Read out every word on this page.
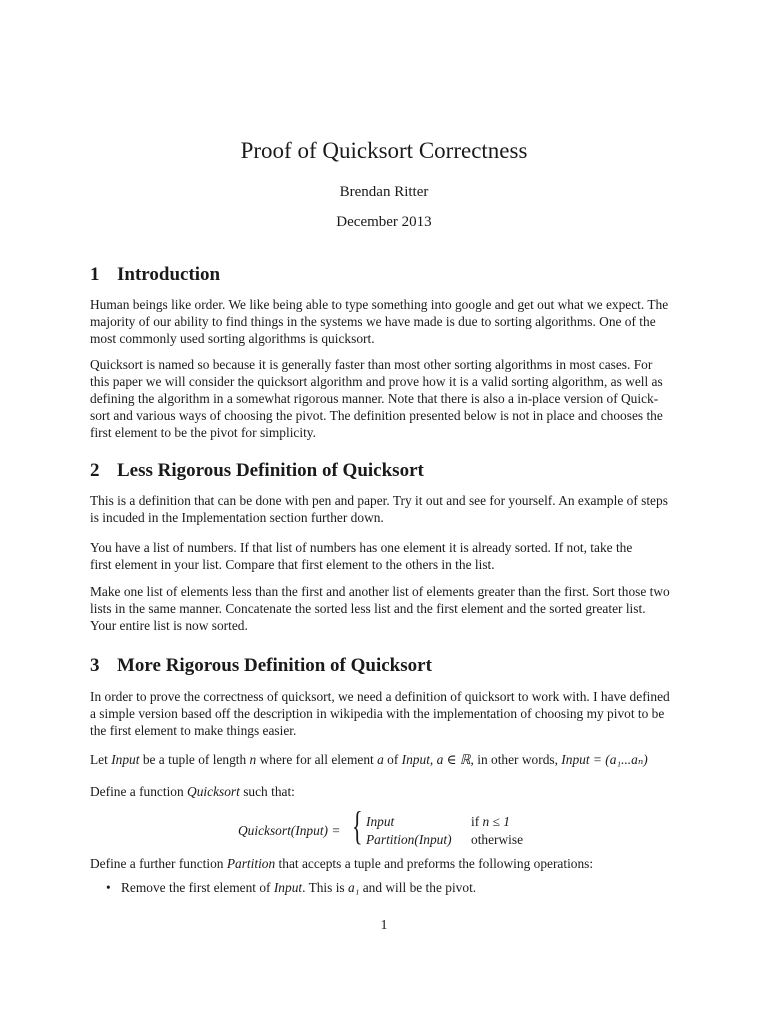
Proof of Quicksort Correctness
Brendan Ritter
December 2013
1 Introduction
Human beings like order. We like being able to type something into google and get out what we expect. The
majority of our ability to find things in the systems we have made is due to sorting algorithms. One of the
most commonly used sorting algorithms is quicksort.
Quicksort is named so because it is generally faster than most other sorting algorithms in most cases. For
this paper we will consider the quicksort algorithm and prove how it is a valid sorting algorithm, as well as
defining the algorithm in a somewhat rigorous manner. Note that there is also a in-place version of Quick-
sort and various ways of choosing the pivot. The definition presented below is not in place and chooses the
first element to be the pivot for simplicity.
2 Less Rigorous Definition of Quicksort
This is a definition that can be done with pen and paper. Try it out and see for yourself. An example of steps
is incuded in the Implementation section further down.
You have a list of numbers. If that list of numbers has one element it is already sorted. If not, take the
first element in your list. Compare that first element to the others in the list.
Make one list of elements less than the first and another list of elements greater than the first. Sort those two
lists in the same manner. Concatenate the sorted less list and the first element and the sorted greater list.
Your entire list is now sorted.
3 More Rigorous Definition of Quicksort
In order to prove the correctness of quicksort, we need a definition of quicksort to work with. I have defined
a simple version based off the description in wikipedia with the implementation of choosing my pivot to be
the first element to make things easier.
Let Input be a tuple of length n where for all element a of Input, a ∈ ℝ, in other words, Input = (a₁...aₙ)
Define a function Quicksort such that:
Quicksort(Input) = { Input	if n ≤ 1
Partition(Input) otherwise
Define a further function Partition that accepts a tuple and preforms the following operations:
• Remove the first element of Input. This is a₁ and will be the pivot.
1
